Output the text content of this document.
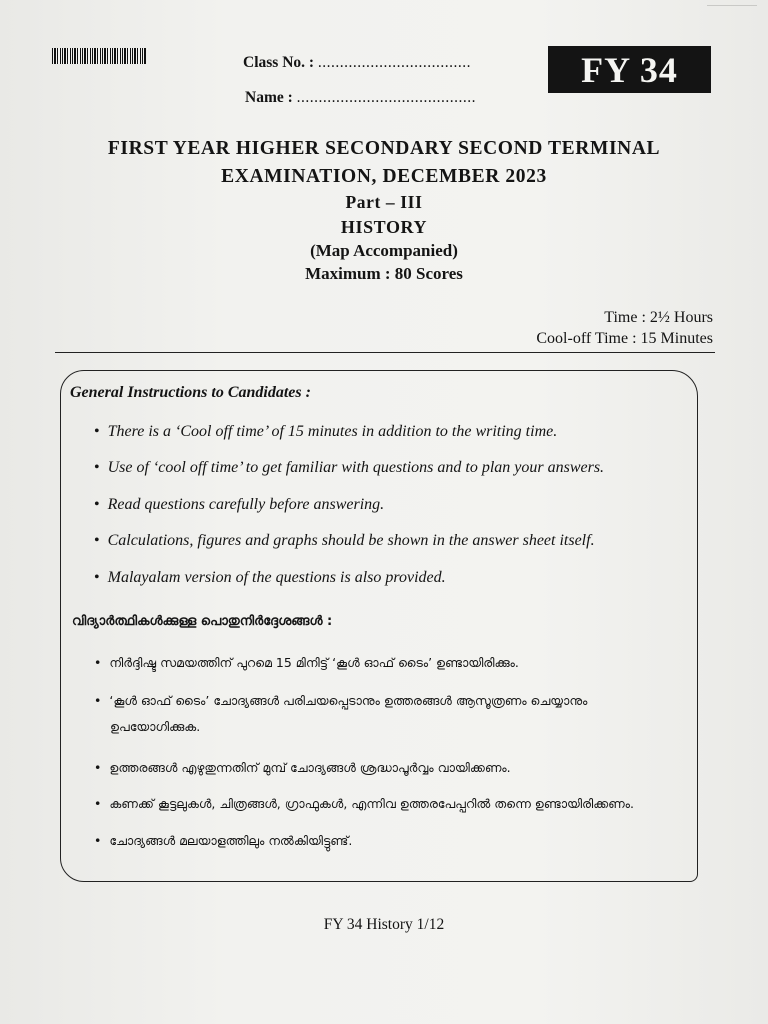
Class No. : ...................................
Name : .........................................
FY 34
FIRST YEAR HIGHER SECONDARY SECOND TERMINAL
EXAMINATION, DECEMBER 2023
Part – III
HISTORY
(Map Accompanied)
Maximum : 80 Scores
Time : 2½ Hours
Cool-off Time : 15 Minutes
General Instructions to Candidates :
• There is a ‘Cool off time’ of 15 minutes in addition to the writing time.
• Use of ‘cool off time’ to get familiar with questions and to plan your answers.
• Read questions carefully before answering.
• Calculations, figures and graphs should be shown in the answer sheet itself.
• Malayalam version of the questions is also provided.
വിദ്യാർത്ഥികൾക്കുള്ള പൊതുനിർദ്ദേശങ്ങൾ :
• നിർദ്ദിഷ്ട സമയത്തിന് പുറമെ 15 മിനിട്ട് ‘കൂൾ ഓഫ് ടൈം’ ഉണ്ടായിരിക്കും.
• ‘കൂൾ ഓഫ് ടൈം’ ചോദ്യങ്ങൾ പരിചയപ്പെടാനും ഉത്തരങ്ങൾ ആസൂത്രണം ചെയ്യാനും
ഉപയോഗിക്കുക.
• ഉത്തരങ്ങൾ എഴുതുന്നതിന് മുമ്പ് ചോദ്യങ്ങൾ ശ്രദ്ധാപൂർവ്വം വായിക്കണം.
• കണക്ക് കൂട്ടലുകൾ, ചിത്രങ്ങൾ, ഗ്രാഫുകൾ, എന്നിവ ഉത്തരപേപ്പറിൽ തന്നെ ഉണ്ടായിരിക്കണം.
• ചോദ്യങ്ങൾ മലയാളത്തിലും നൽകിയിട്ടുണ്ട്.
FY 34 History 1/12
